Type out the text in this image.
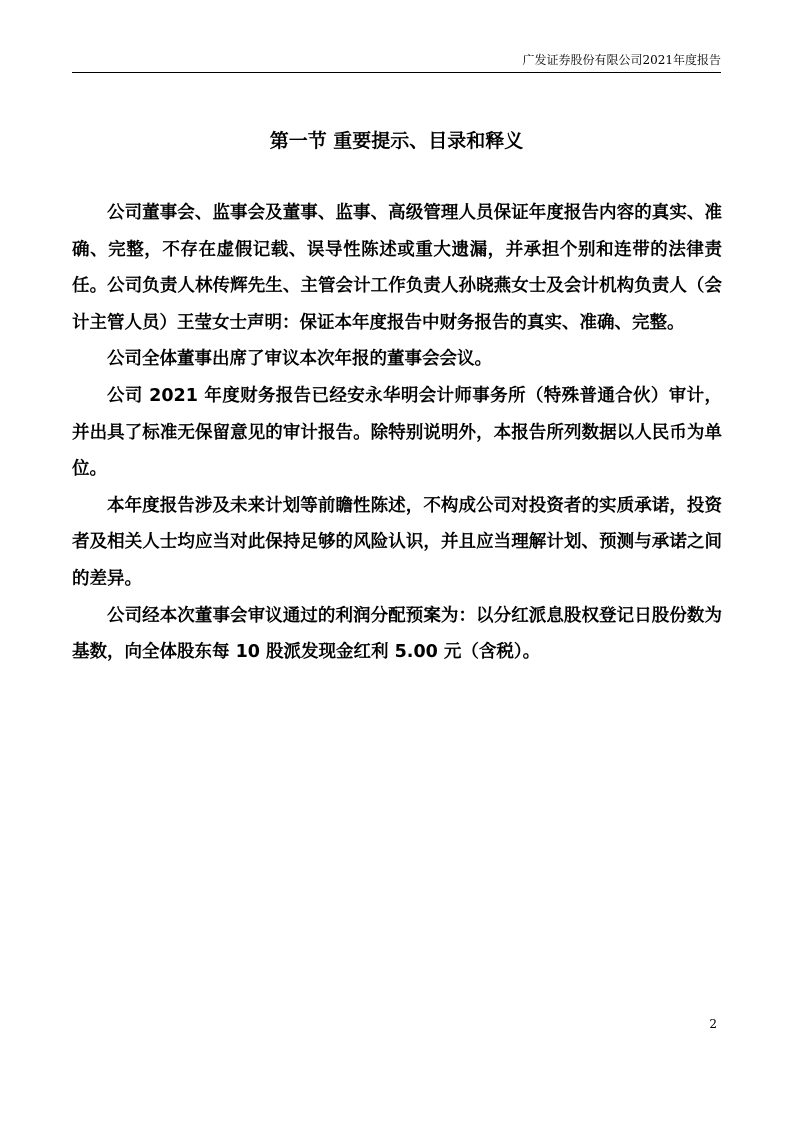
广发证券股份有限公司2021年度报告
第一节 重要提示、目录和释义

公司董事会、监事会及董事、监事、高级管理人员保证年度报告内容的真实、准确、完整，不存在虚假记载、误导性陈述或重大遗漏，并承担个别和连带的法律责任。公司负责人林传辉先生、主管会计工作负责人孙晓燕女士及会计机构负责人（会计主管人员）王莹女士声明：保证本年度报告中财务报告的真实、准确、完整。

公司全体董事出席了审议本次年报的董事会会议。

公司 2021 年度财务报告已经安永华明会计师事务所（特殊普通合伙）审计，并出具了标准无保留意见的审计报告。除特别说明外，本报告所列数据以人民币为单位。

本年度报告涉及未来计划等前瞻性陈述，不构成公司对投资者的实质承诺，投资者及相关人士均应当对此保持足够的风险认识，并且应当理解计划、预测与承诺之间的差异。

公司经本次董事会审议通过的利润分配预案为：以分红派息股权登记日股份数为基数，向全体股东每 10 股派发现金红利 5.00 元（含税）。

2
